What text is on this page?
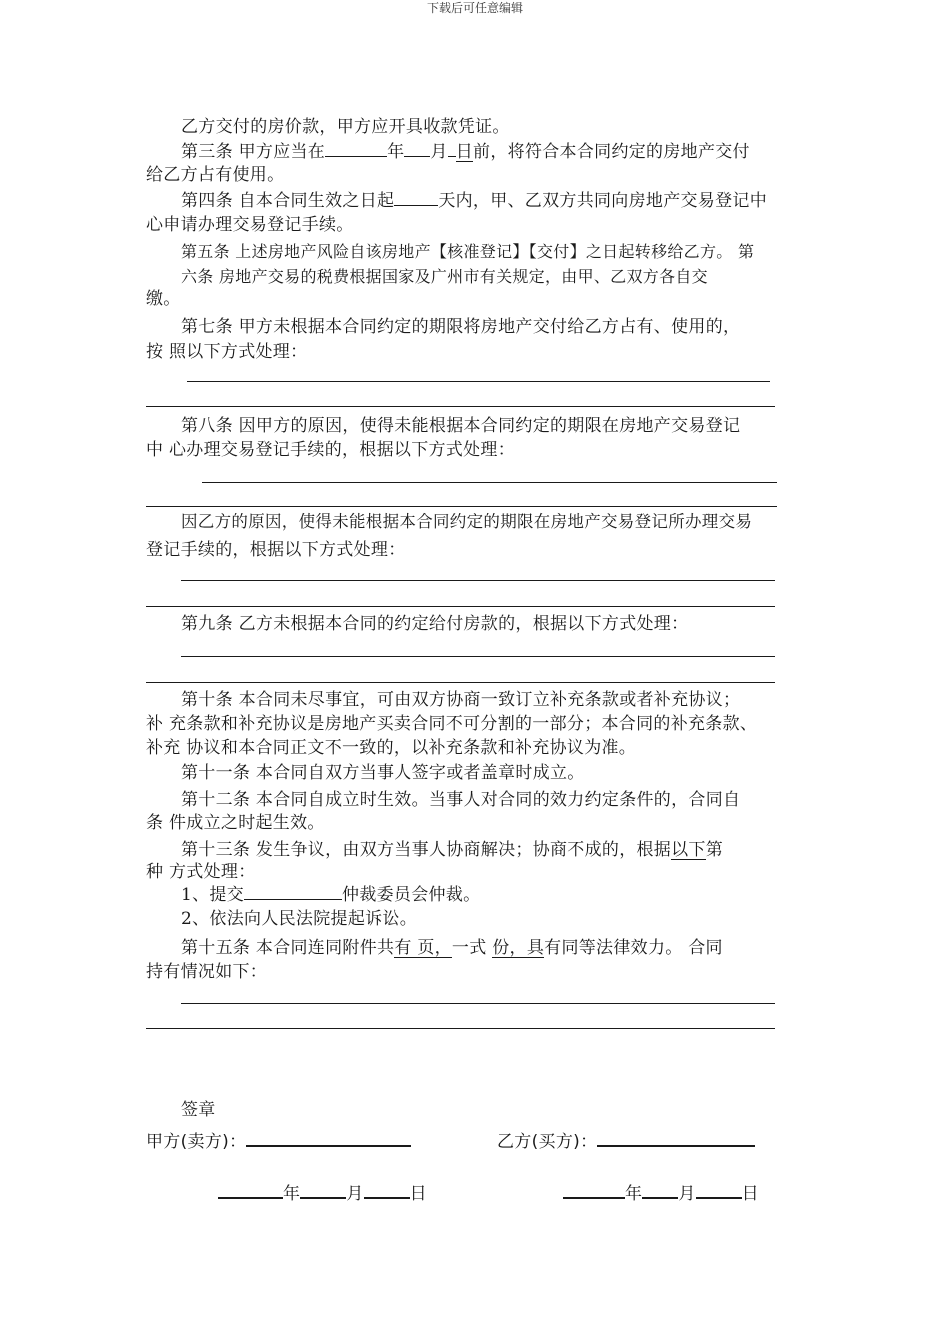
下载后可任意编辑
乙方交付的房价款，甲方应开具收款凭证。
第三条 甲方应当在	年 月 日前，将符合本合同约定的房地产交付
给乙方占有使用。
第四条 自本合同生效之日起	天内，甲、乙双方共同向房地产交易登记中
心申请办理交易登记手续。
第五条 上述房地产风险自该房地产【核准登记】【交付】之日起转移给乙方。 第
六条 房地产交易的税费根据国家及广州市有关规定，由甲、乙双方各自交
缴。
第七条 甲方未根据本合同约定的期限将房地产交付给乙方占有、使用的，
按 照以下方式处理：
第八条 因甲方的原因，使得未能根据本合同约定的期限在房地产交易登记
中 心办理交易登记手续的，根据以下方式处理：
因乙方的原因，使得未能根据本合同约定的期限在房地产交易登记所办理交易
登记手续的，根据以下方式处理：
第九条 乙方未根据本合同的约定给付房款的，根据以下方式处理：
第十条 本合同未尽事宜，可由双方协商一致订立补充条款或者补充协议；
补 充条款和补充协议是房地产买卖合同不可分割的一部分；本合同的补充条款、
补充 协议和本合同正文不一致的，以补充条款和补充协议为准。
第十一条 本合同自双方当事人签字或者盖章时成立。
第十二条 本合同自成立时生效。当事人对合同的效力约定条件的，合同自
条 件成立之时起生效。
第十三条 发生争议，由双方当事人协商解决；协商不成的，根据以下第
种 方式处理：
1、提交	仲裁委员会仲裁。
2、依法向人民法院提起诉讼。
第十五条 本合同连同附件共有 页，一式 份，具有同等法律效力。 合同
持有情况如下：
签章
甲方(卖方)：	乙方(买方)：
年	月	日	年 月	日
